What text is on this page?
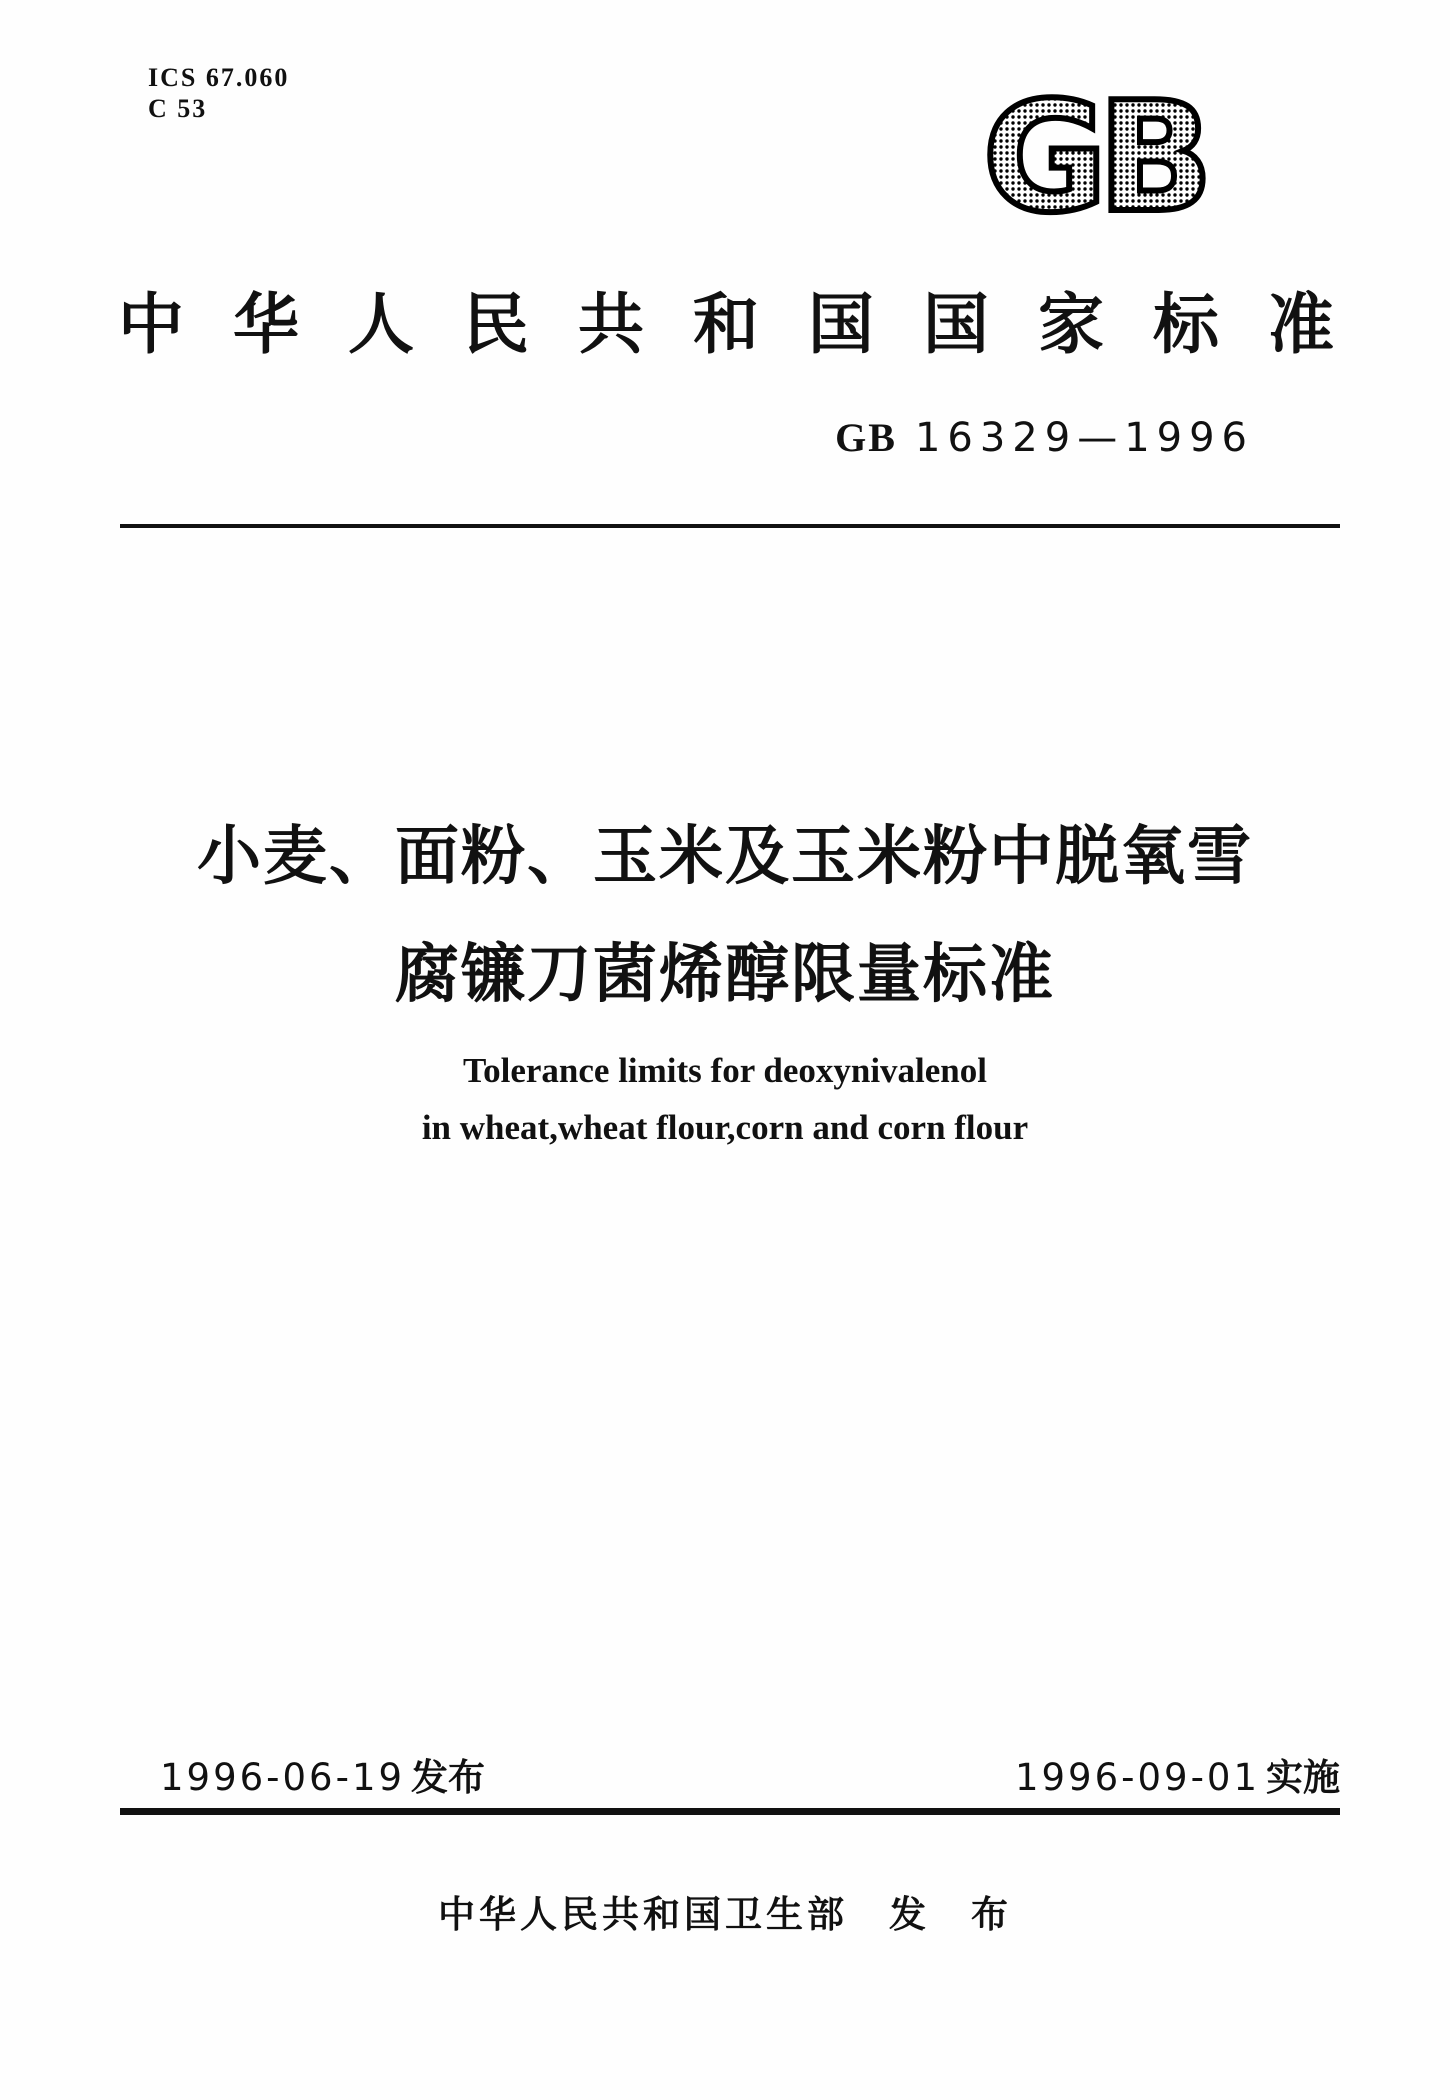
ICS 67.060
C 53	GB
中 华 人 民 共 和 国 国 家 标 准
GB 16329—1996
小麦、面粉、玉米及玉米粉中脱氧雪
腐镰刀菌烯醇限量标准
Tolerance limits for deoxynivalenol
in wheat,wheat flour,corn and corn flour
1996-06-19 发布	1996-09-01 实施
中华人民共和国卫生部　发　布
